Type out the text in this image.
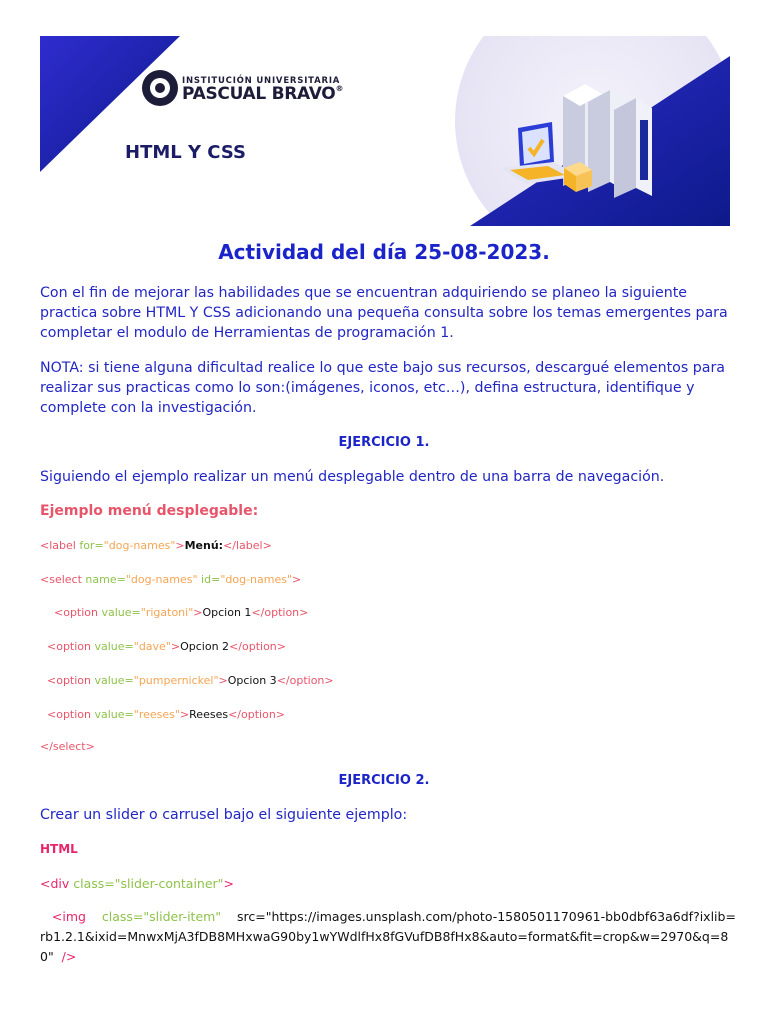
INSTITUCIÓN UNIVERSITARIA
PASCUAL BRAVO®
HTML Y CSS
Actividad del día 25-08-2023.
Con el fin de mejorar las habilidades que se encuentran adquiriendo se planeo la siguiente practica sobre HTML Y CSS adicionando una pequeña consulta sobre los temas emergentes para completar el modulo de Herramientas de programación 1.
NOTA: si tiene alguna dificultad realice lo que este bajo sus recursos, descargué elementos para realizar sus practicas como lo son:(imágenes, iconos, etc…), defina estructura, identifique y complete con la investigación.
EJERCICIO 1.
Siguiendo el ejemplo realizar un menú desplegable dentro de una barra de navegación.
Ejemplo menú desplegable:
<label for="dog-names">Menú:</label>
<select name="dog-names" id="dog-names">
<option value="rigatoni">Opcion 1</option>
<option value="dave">Opcion 2</option>
<option value="pumpernickel">Opcion 3</option>
<option value="reeses">Reeses</option>
</select>
EJERCICIO 2.
Crear un slider o carrusel bajo el siguiente ejemplo:
HTML
<div class="slider-container">
<img class="slider-item" src="https://images.unsplash.com/photo-1580501170961-bb0dbf63a6df?ixlib=rb1.2.1&ixid=MnwxMjA3fDB8MHxwaG90by1wYWdlfHx8fGVufDB8fHx8&auto=format&fit=crop&w=2970&q=80" />
